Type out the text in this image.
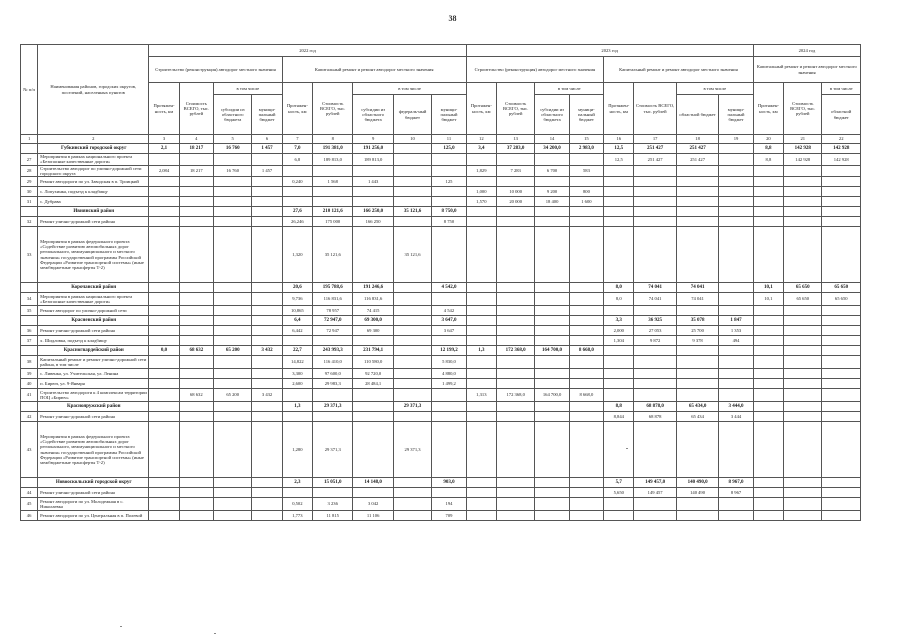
38
№ п/п	Наименования районов, городских округов, поселений, населенных пунктов	2022 год									2023 год								2024 год		
		Строительство (реконструкция) автодорог местного значения				Капитальный ремонт и ремонт автодорог местного значения					Строительство (реконструкция) автодорог местного значения				Капитальный ремонт и ремонт автодорог местного значения				Капитальный ремонт и ремонт автодорог местного значения		
		Протяжен-ность, км	Стоимость ВСЕГО, тыс. рублей	в том числе		Протяжен-ность, км	Стоимость ВСЕГО, тыс. рублей	в том числе			Протяжен-ность, км	Стоимость ВСЕГО, тыс. рублей	в том числе		Протяжен-ность, км	Стоимость ВСЕГО, тыс. рублей	в том числе		Протяжен-ность, км	Стоимость ВСЕГО, тыс. рублей	в том числе
				субсидии из областного бюджета	муници-пальный бюджет			субсидии из областного бюджета	федераль-ный бюджет	муници-пальный бюджет			субсидии из областного бюджета	муници-пальный бюджет			областной бюджет	муници-пальный бюджет			областной бюджет
1	2	3	4	5	6	7	8	9	10	11	12	13	14	15	16	17	18	19	20	21	22
	Губкинский городской округ	2,1	18 217	16 760	1 457	7,0	191 381,0	191 256,0		125,0	3,4	37 283,0	34 200,0	2 983,0	12,5	251 427	251 427		8,8	142 928	142 928
27	Мероприятия в рамках национального проекта «Безопасные качественные дороги»					6,8	189 813,0	189 813,0							12,5	251 427	251 427		8,8	142 928	142 928
28	Строительство автодорог по улично-дорожной сети городского округа	2,084	18 217	16 760	1 457						1,829	7 283	6 700	583							
29	Ремонт автодороги по ул. Заводская в п. Троицкий					0,240	1 568	1 443		125											
30	с. Лопухинка, подъезд к кладбищу										1,000	10 000	9 200	800							
31	с. Дубрава										1,570	20 000	18 400	1 600							
	Ивнянский район					27,6	210 121,6	166 250,0	35 121,6	8 750,0											
32	Ремонт улично-дорожной сети района					26,246	175 000	166 250		8 750											
33	Мероприятия в рамках федерального проекта «Содействие развитию автомобильных дорог регионального, межмуниципального и местного значения» государственной программы Российской Федерации «Развитие транспортной системы» (иные межбюджетные трансферты Т-2)					1,320	35 121,6		35 121,6												
	Корочанский район					20,6	195 788,6	191 246,6		4 542,0					8,0	74 041	74 041		10,1	65 650	65 650
34	Мероприятия в рамках национального проекта «Безопасные качественные дороги»					9,736	116 831,6	116 831,6							8,0	74 041	74 041		10,1	65 650	65 650
35	Ремонт автодорог по улично-дорожной сети					10,865	78 957	74 415		4 542											
	Красненский район					6,4	72 947,0	69 300,0		3 647,0					3,3	36 925	35 078	1 847			
36	Ремонт улично-дорожной сети района					6,442	72 947	69 300		3 647					2,000	27 053	25 700	1 353			
37	х. Шидловка, подъезд к кладбищу														1,304	9 872	9 378	494			
	Красногвардейский район	0,0	68 632	65 200	3 432	22,7	243 993,3	231 794,1		12 199,2	1,3	172 368,0	164 700,0	8 668,0							
38	Капитальный ремонт и ремонт улично-дорожной сети района, в том числе					14,822	116 410,0	110 580,0		5 830,0											
39	с. Ливенка, ул. Учительская, ул. Ленина					3,300	97 600,0	92 720,0		4 880,0											
40	п. Бирюч, ул. 9-Января					2,600	29 983,3	28 484,1		1 499,2											
41	Строительство автодороги к 4 комплексам территории ПОЦ «Бирюч»		68 632	65 200	3 432						1,313	172 368,0	164 700,0	8 668,0							
	Краснояружский район					1,3	29 371,3		29 371,3						8,8	68 878,0	65 434,0	3 444,0			
42	Ремонт улично-дорожной сети района														8,844	68 878	65 434	3 444			
43	Мероприятия в рамках федерального проекта «Содействие развитию автомобильных дорог регионального, межмуниципального и местного значения» государственной программы Российской Федерации «Развитие транспортной системы» (иные межбюджетные трансферты Т-2)					1,280	29 371,3		29 371,3												
	Новооскольский городской округ					2,3	15 051,0	14 148,0		903,0					5,7	149 457,0	140 490,0	8 967,0			
44	Ремонт улично-дорожной сети района														5,650	149 457	140 490	8 967			
45	Ремонт автодороги по ул. Молодежная в с. Николаевка					0,502	3 236	3 042		194											
46	Ремонт автодороги по ул. Центральная в п. Полевой					1,773	11 815	11 106		709											
